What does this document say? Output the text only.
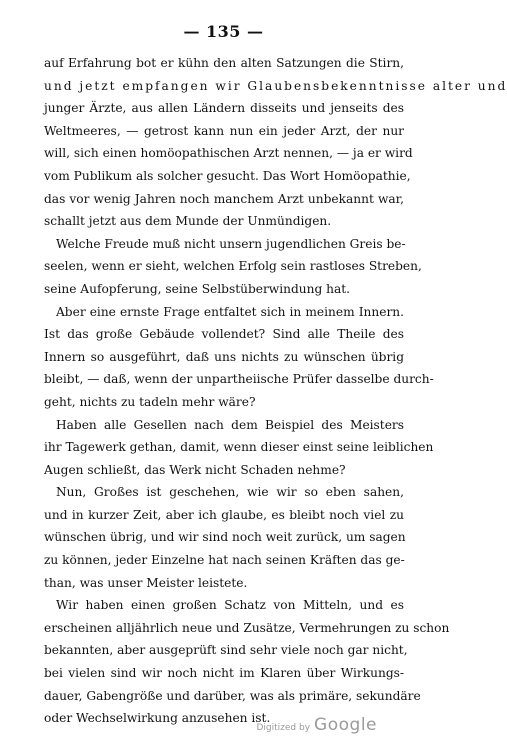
— 135 —
auf Erfahrung bot er kühn den alten Satzungen die Stirn,
und jetzt empfangen wir Glaubensbekenntnisse alter und
junger Ärzte, aus allen Ländern disseits und jenseits des
Weltmeeres, — getrost kann nun ein jeder Arzt, der nur
will, sich einen homöopathischen Arzt nennen, — ja er wird
vom Publikum als solcher gesucht. Das Wort Homöopathie,
das vor wenig Jahren noch manchem Arzt unbekannt war,
schallt jetzt aus dem Munde der Unmündigen.
Welche Freude muß nicht unsern jugendlichen Greis be-
seelen, wenn er sieht, welchen Erfolg sein rastloses Streben,
seine Aufopferung, seine Selbstüberwindung hat.
Aber eine ernste Frage entfaltet sich in meinem Innern.
Ist das große Gebäude vollendet? Sind alle Theile des
Innern so ausgeführt, daß uns nichts zu wünschen übrig
bleibt, — daß, wenn der unpartheiische Prüfer dasselbe durch-
geht, nichts zu tadeln mehr wäre?
Haben alle Gesellen nach dem Beispiel des Meisters
ihr Tagewerk gethan, damit, wenn dieser einst seine leiblichen
Augen schließt, das Werk nicht Schaden nehme?
Nun, Großes ist geschehen, wie wir so eben sahen,
und in kurzer Zeit, aber ich glaube, es bleibt noch viel zu
wünschen übrig, und wir sind noch weit zurück, um sagen
zu können, jeder Einzelne hat nach seinen Kräften das ge-
than, was unser Meister leistete.
Wir haben einen großen Schatz von Mitteln, und es
erscheinen alljährlich neue und Zusätze, Vermehrungen zu schon
bekannten, aber ausgeprüft sind sehr viele noch gar nicht,
bei vielen sind wir noch nicht im Klaren über Wirkungs-
dauer, Gabengröße und darüber, was als primäre, sekundäre
oder Wechselwirkung anzusehen ist.
Digitized by Google
